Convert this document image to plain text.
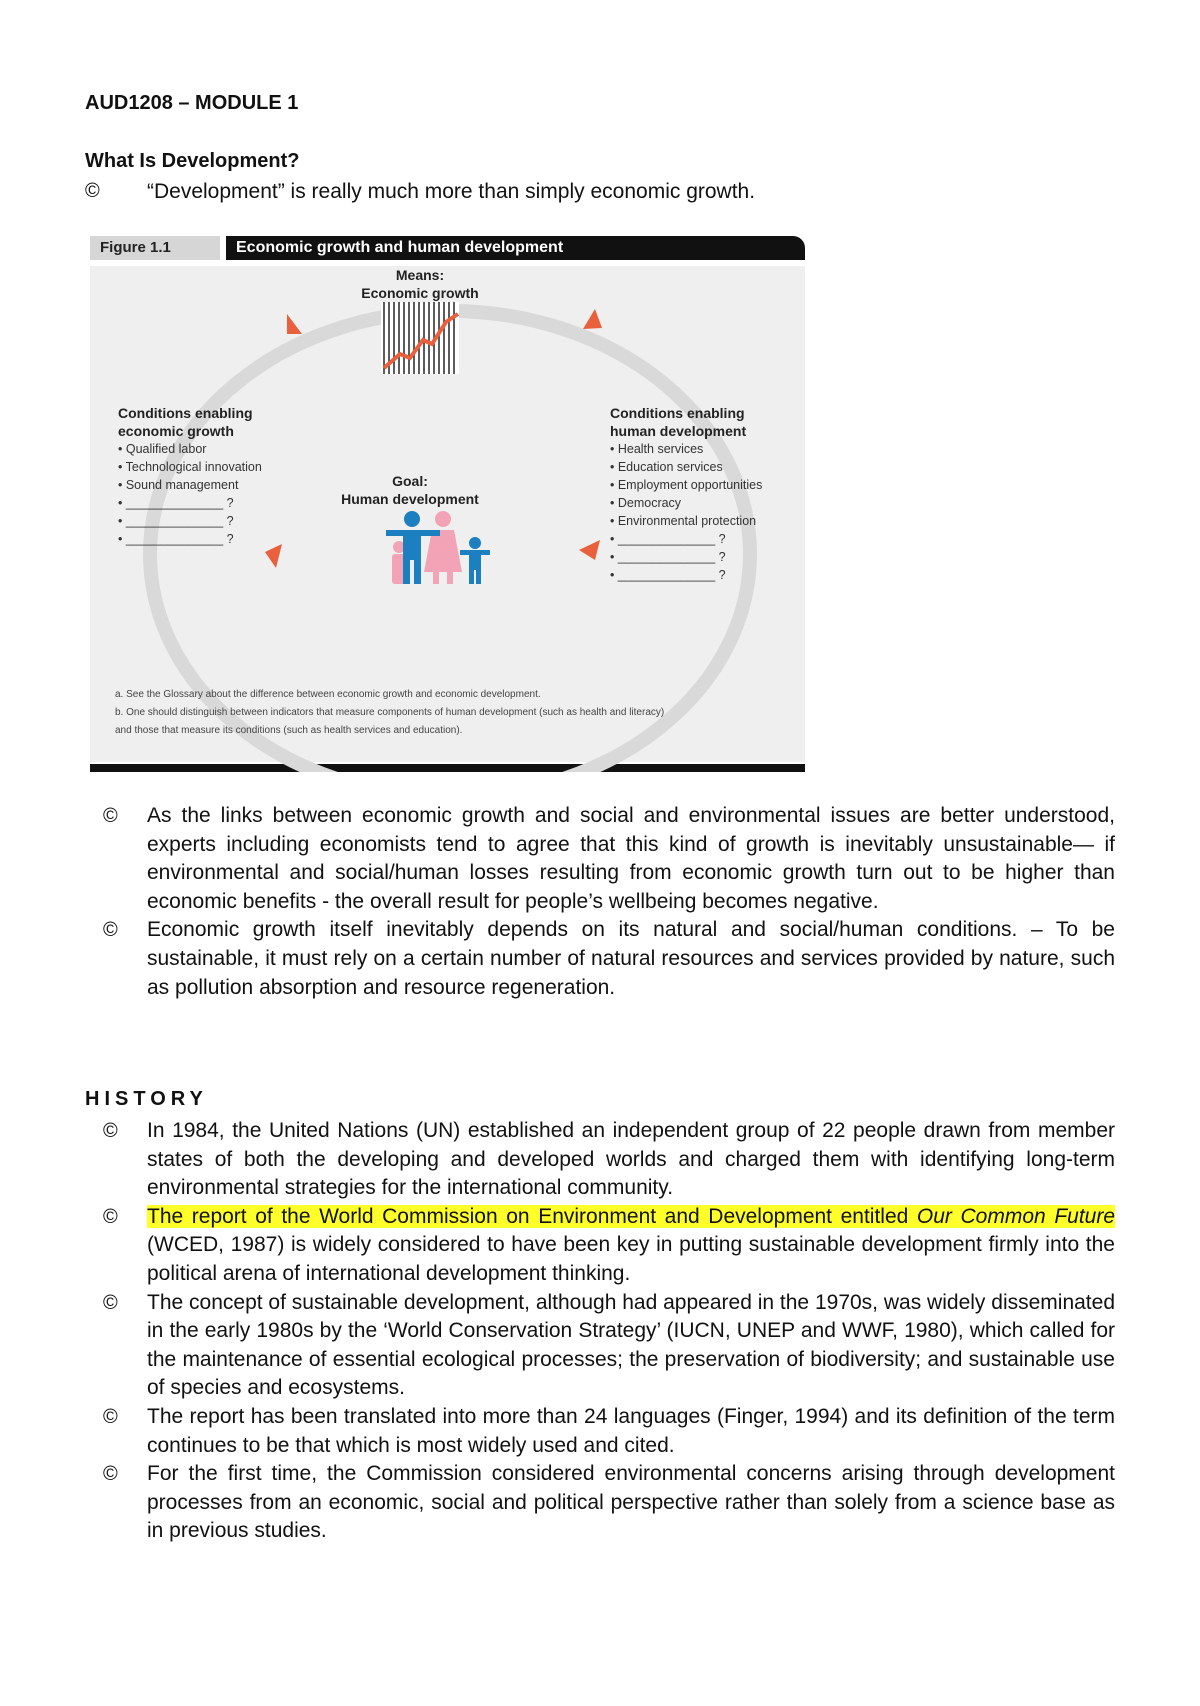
AUD1208 – MODULE 1
What Is Development?
©	“Development” is really much more than simply economic growth.
Figure 1.1	Economic growth and human development
Means:
Economic growth
Goal:
Human development
Conditions enabling
economic growth
• Qualified labor
• Technological innovation
• Sound management
• ______________ ?
• ______________ ?
• ______________ ?
Conditions enabling
human development
• Health services
• Education services
• Employment opportunities
• Democracy
• Environmental protection
• ______________ ?
• ______________ ?
• ______________ ?
a. See the Glossary about the difference between economic growth and economic development.
b. One should distinguish between indicators that measure components of human development (such as health and literacy)
and those that measure its conditions (such as health services and education).
©	As the links between economic growth and social and environmental issues are better understood, experts including economists tend to agree that this kind of growth is inevitably unsustainable— if environmental and social/human losses resulting from economic growth turn out to be higher than economic benefits - the overall result for people’s wellbeing becomes negative.
©	Economic growth itself inevitably depends on its natural and social/human conditions. – To be sustainable, it must rely on a certain number of natural resources and services provided by nature, such as pollution absorption and resource regeneration.
HISTORY
©	In 1984, the United Nations (UN) established an independent group of 22 people drawn from member states of both the developing and developed worlds and charged them with identifying long-term environmental strategies for the international community.
©	The report of the World Commission on Environment and Development entitled Our Common Future (WCED, 1987) is widely considered to have been key in putting sustainable development firmly into the political arena of international development thinking.
©	The concept of sustainable development, although had appeared in the 1970s, was widely disseminated in the early 1980s by the ‘World Conservation Strategy’ (IUCN, UNEP and WWF, 1980), which called for the maintenance of essential ecological processes; the preservation of biodiversity; and sustainable use of species and ecosystems.
©	The report has been translated into more than 24 languages (Finger, 1994) and its definition of the term continues to be that which is most widely used and cited.
©	For the first time, the Commission considered environmental concerns arising through development processes from an economic, social and political perspective rather than solely from a science base as in previous studies.
